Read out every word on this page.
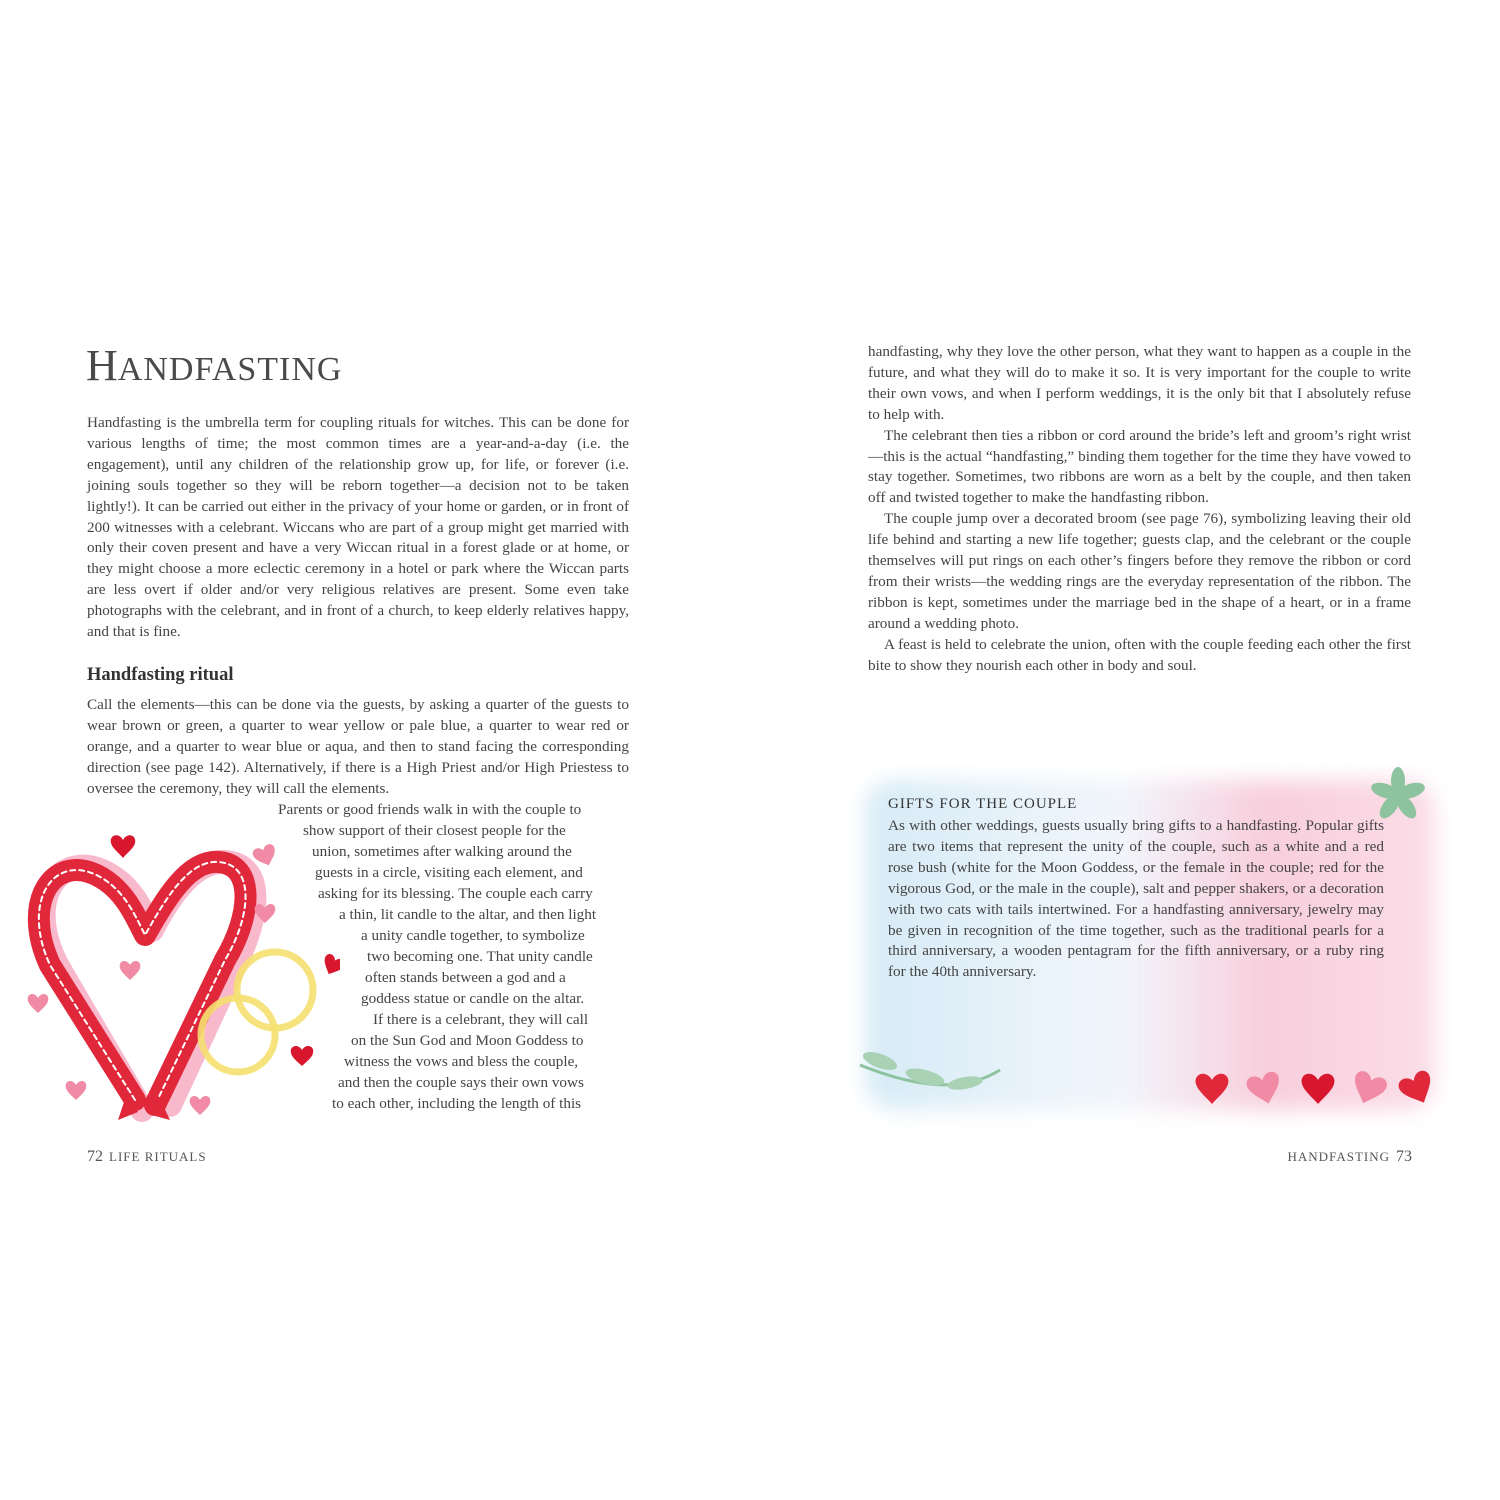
HANDFASTING

Handfasting is the umbrella term for coupling rituals for witches. This can be done for various lengths of time; the most common times are a year-and-a-day (i.e. the engagement), until any children of the relationship grow up, for life, or forever (i.e. joining souls together so they will be reborn together—a decision not to be taken lightly!). It can be carried out either in the privacy of your home or garden, or in front of 200 witnesses with a celebrant. Wiccans who are part of a group might get married with only their coven present and have a very Wiccan ritual in a forest glade or at home, or they might choose a more eclectic ceremony in a hotel or park where the Wiccan parts are less overt if older and/or very religious relatives are present. Some even take photographs with the celebrant, and in front of a church, to keep elderly relatives happy, and that is fine.

Handfasting ritual

Call the elements—this can be done via the guests, by asking a quarter of the guests to wear brown or green, a quarter to wear yellow or pale blue, a quarter to wear red or orange, and a quarter to wear blue or aqua, and then to stand facing the corresponding direction (see page 142). Alternatively, if there is a High Priest and/or High Priestess to oversee the ceremony, they will call the elements.

Parents or good friends walk in with the couple to
show support of their closest people for the
union, sometimes after walking around the
guests in a circle, visiting each element, and
asking for its blessing. The couple each carry
a thin, lit candle to the altar, and then light
a unity candle together, to symbolize
two becoming one. That unity candle
often stands between a god and a
goddess statue or candle on the altar.
If there is a celebrant, they will call
on the Sun God and Moon Goddess to
witness the vows and bless the couple,
and then the couple says their own vows
to each other, including the length of this
72 LIFE RITUALS

handfasting, why they love the other person, what they want to happen as a couple in the future, and what they will do to make it so. It is very important for the couple to write their own vows, and when I perform weddings, it is the only bit that I absolutely refuse to help with.

The celebrant then ties a ribbon or cord around the bride’s left and groom’s right wrist—this is the actual “handfasting,” binding them together for the time they have vowed to stay together. Sometimes, two ribbons are worn as a belt by the couple, and then taken off and twisted together to make the handfasting ribbon.

The couple jump over a decorated broom (see page 76), symbolizing leaving their old life behind and starting a new life together; guests clap, and the celebrant or the couple themselves will put rings on each other’s fingers before they remove the ribbon or cord from their wrists—the wedding rings are the everyday representation of the ribbon. The ribbon is kept, sometimes under the marriage bed in the shape of a heart, or in a frame around a wedding photo.

A feast is held to celebrate the union, often with the couple feeding each other the first bite to show they nourish each other in body and soul.

GIFTS FOR THE COUPLE

As with other weddings, guests usually bring gifts to a handfasting. Popular gifts are two items that represent the unity of the couple, such as a white and a red rose bush (white for the Moon Goddess, or the female in the couple; red for the vigorous God, or the male in the couple), salt and pepper shakers, or a decoration with two cats with tails intertwined. For a handfasting anniversary, jewelry may be given in recognition of the time together, such as the traditional pearls for a third anniversary, a wooden pentagram for the fifth anniversary, or a ruby ring for the 40th anniversary.

HANDFASTING 73
